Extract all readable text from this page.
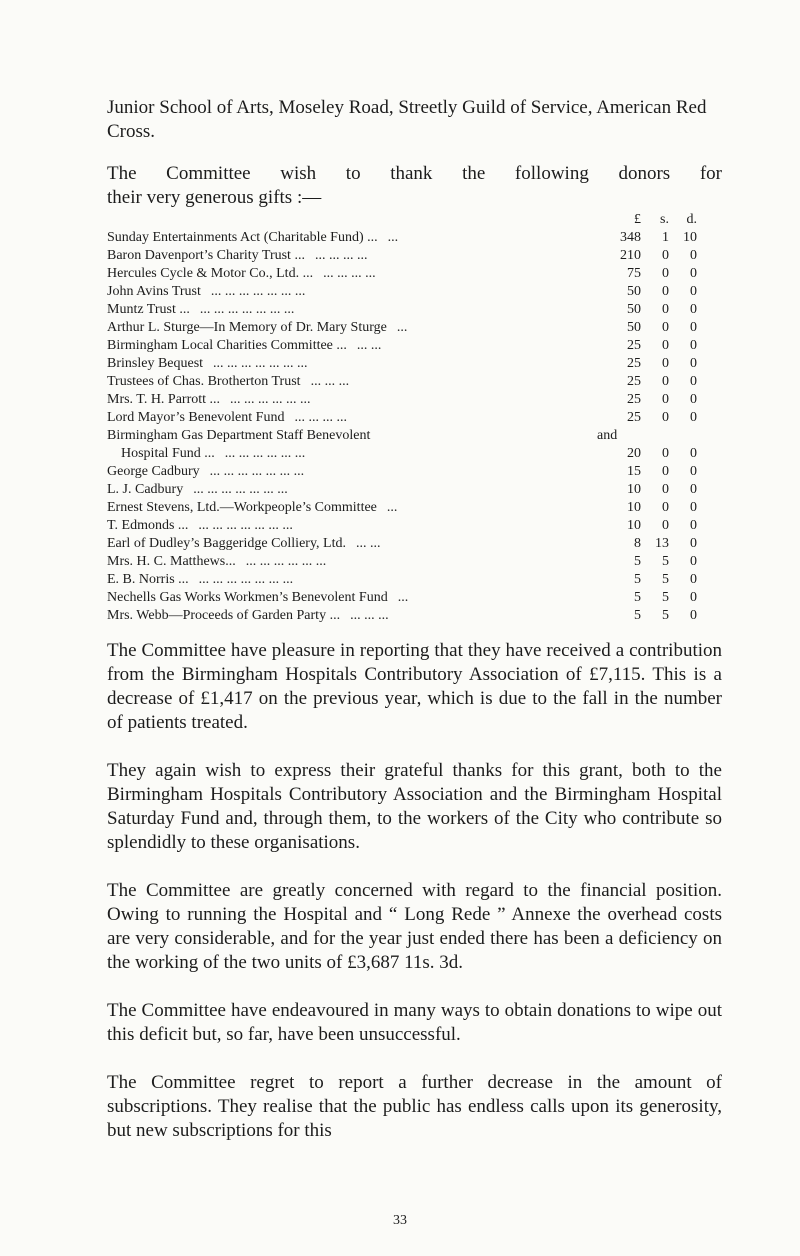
Junior School of Arts, Moseley Road, Streetly Guild of Service, American Red Cross.

The Committee wish to thank the following donors for
their very generous gifts :—

£	s.	d.
Sunday Entertainments Act (Charitable Fund) ... ...	348	1	10
Baron Davenport’s Charity Trust ... ... ... ... ...	210	0	0
Hercules Cycle & Motor Co., Ltd. ... ... ... ... ...	75	0	0
John Avins Trust ... ... ... ... ... ... ...	50	0	0
Muntz Trust ... ... ... ... ... ... ... ...	50	0	0
Arthur L. Sturge—In Memory of Dr. Mary Sturge ...	50	0	0
Birmingham Local Charities Committee ... ... ...	25	0	0
Brinsley Bequest ... ... ... ... ... ... ...	25	0	0
Trustees of Chas. Brotherton Trust ... ... ...	25	0	0
Mrs. T. H. Parrott ... ... ... ... ... ... ...	25	0	0
Lord Mayor’s Benevolent Fund ... ... ... ...	25	0	0
Birmingham Gas Department Staff Benevolent	and
Hospital Fund ... ... ... ... ... ... ...	20	0	0
George Cadbury ... ... ... ... ... ... ...	15	0	0
L. J. Cadbury ... ... ... ... ... ... ...	10	0	0
Ernest Stevens, Ltd.—Workpeople’s Committee ...	10	0	0
T. Edmonds ... ... ... ... ... ... ... ...	10	0	0
Earl of Dudley’s Baggeridge Colliery, Ltd. ... ...	8	13	0
Mrs. H. C. Matthews... ... ... ... ... ... ...	5	5	0
E. B. Norris ... ... ... ... ... ... ... ...	5	5	0
Nechells Gas Works Workmen’s Benevolent Fund ...	5	5	0
Mrs. Webb—Proceeds of Garden Party ... ... ... ...	5	5	0

The Committee have pleasure in reporting that they have received a contribution from the Birmingham Hospitals Contributory Association of £7,115. This is a decrease of £1,417 on the previous year, which is due to the fall in the number of patients treated.

They again wish to express their grateful thanks for this grant, both to the Birmingham Hospitals Contributory Association and the Birmingham Hospital Saturday Fund and, through them, to the workers of the City who contribute so splendidly to these organisations.

The Committee are greatly concerned with regard to the financial position. Owing to running the Hospital and “ Long Rede ” Annexe the overhead costs are very considerable, and for the year just ended there has been a deficiency on the working of the two units of £3,687 11s. 3d.

The Committee have endeavoured in many ways to obtain donations to wipe out this deficit but, so far, have been unsuccessful.

The Committee regret to report a further decrease in the amount of subscriptions. They realise that the public has endless calls upon its generosity, but new subscriptions for this

33
